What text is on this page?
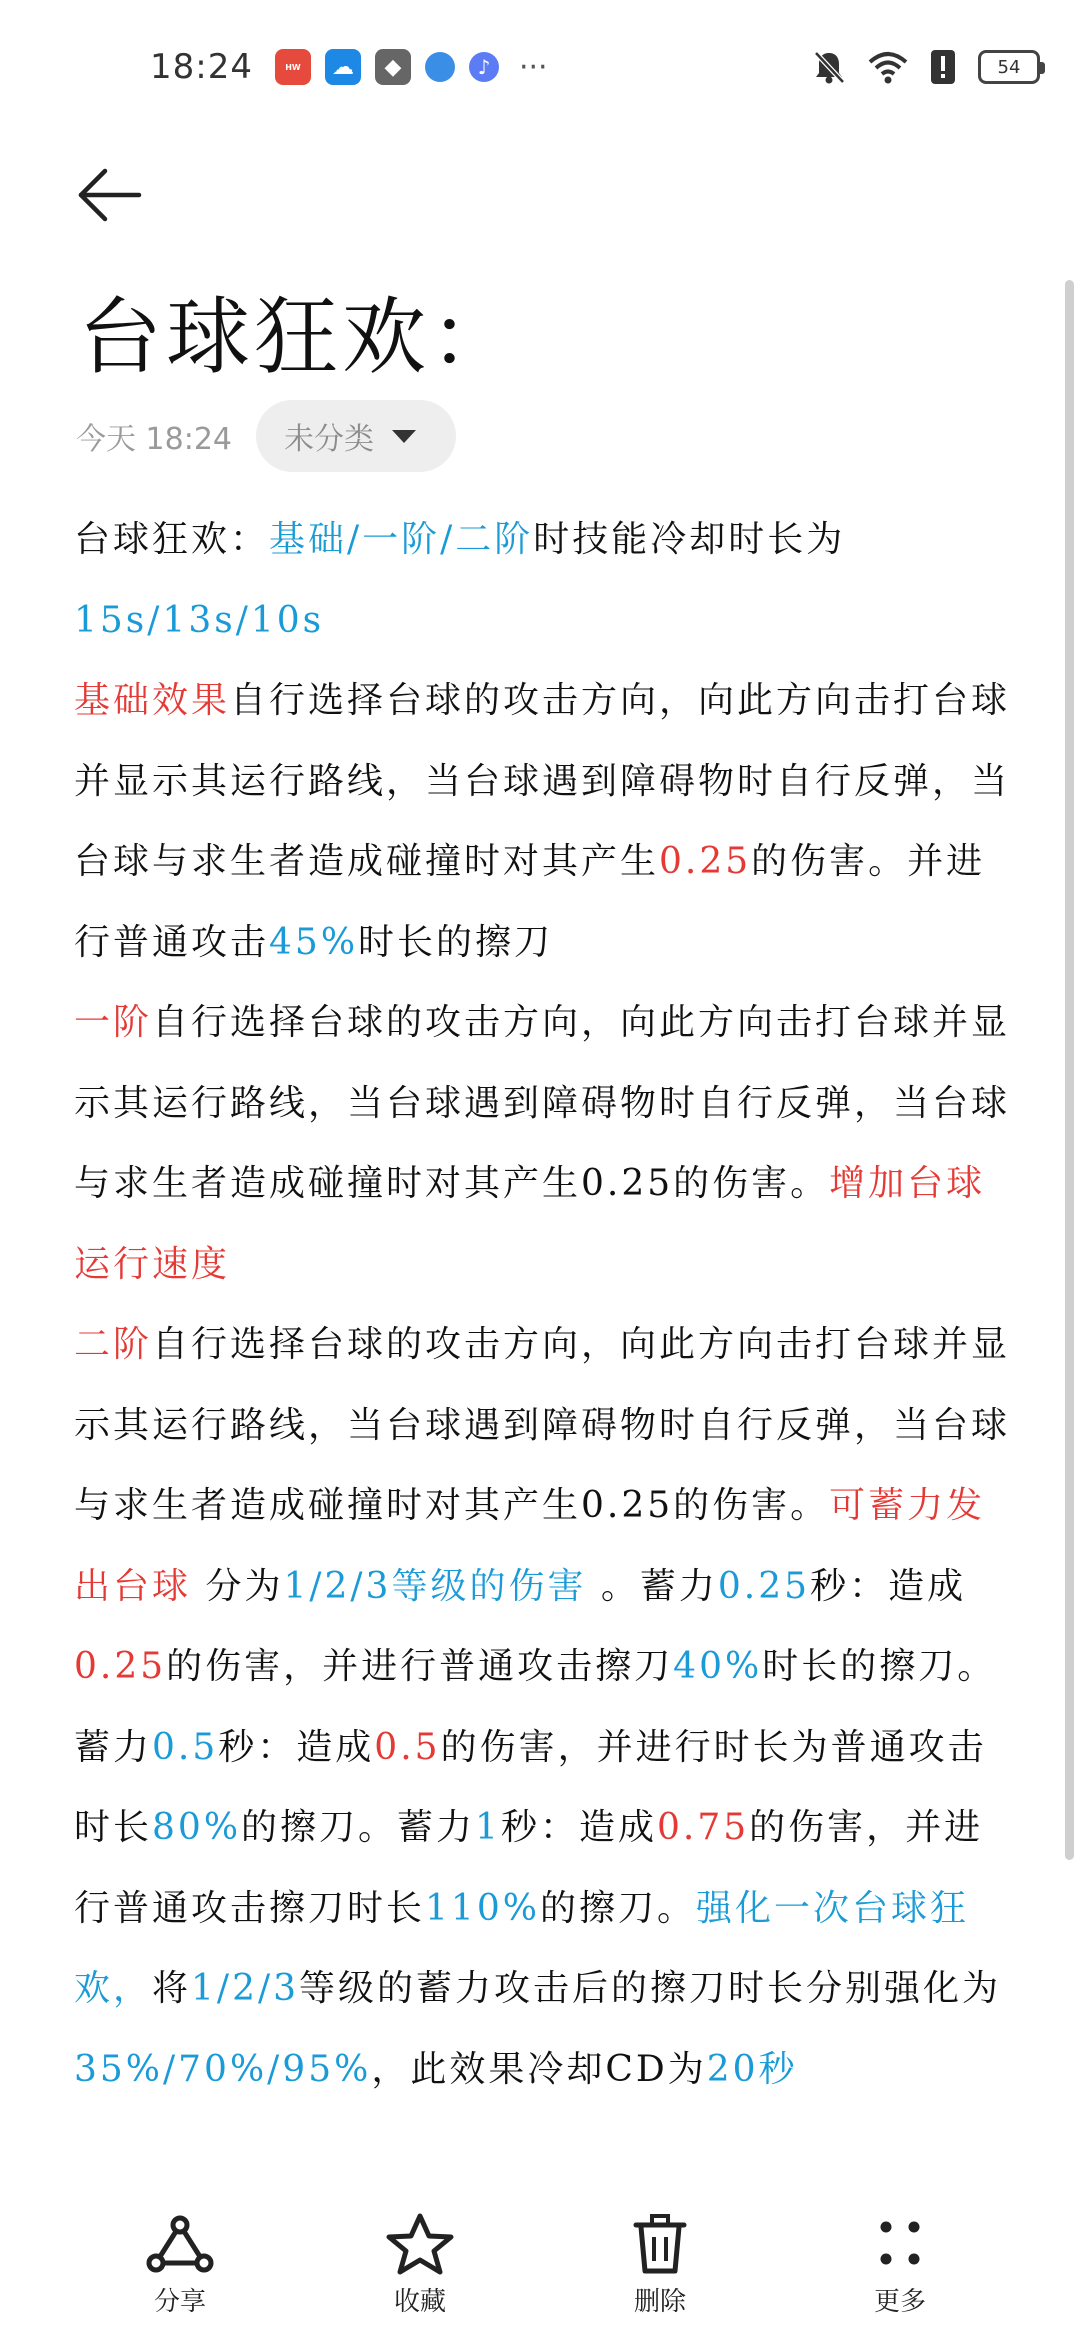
18:24	HW	☁	◆	♪ ···	54
台球狂欢：
今天 18:24 未分类
台球狂欢：基础/一阶/二阶时技能冷却时长为15s/13s/10s
基础效果自行选择台球的攻击方向，向此方向击打台球并显示其运行路线，当台球遇到障碍物时自行反弹，当台球与求生者造成碰撞时对其产生0.25的伤害。并进行普通攻击45%时长的擦刀
一阶自行选择台球的攻击方向，向此方向击打台球并显示其运行路线，当台球遇到障碍物时自行反弹，当台球与求生者造成碰撞时对其产生0.25的伤害。增加台球运行速度
二阶自行选择台球的攻击方向，向此方向击打台球并显示其运行路线，当台球遇到障碍物时自行反弹，当台球与求生者造成碰撞时对其产生0.25的伤害。可蓄力发出台球 分为1/2/3等级的伤害 。蓄力0.25秒：造成0.25的伤害，并进行普通攻击擦刀40%时长的擦刀。蓄力0.5秒：造成0.5的伤害，并进行时长为普通攻击时长80%的擦刀。蓄力1秒：造成0.75的伤害，并进行普通攻击擦刀时长110%的擦刀。强化一次台球狂欢，将1/2/3等级的蓄力攻击后的擦刀时长分别强化为35%/70%/95%，此效果冷却CD为20秒
分享	收藏	删除	更多
